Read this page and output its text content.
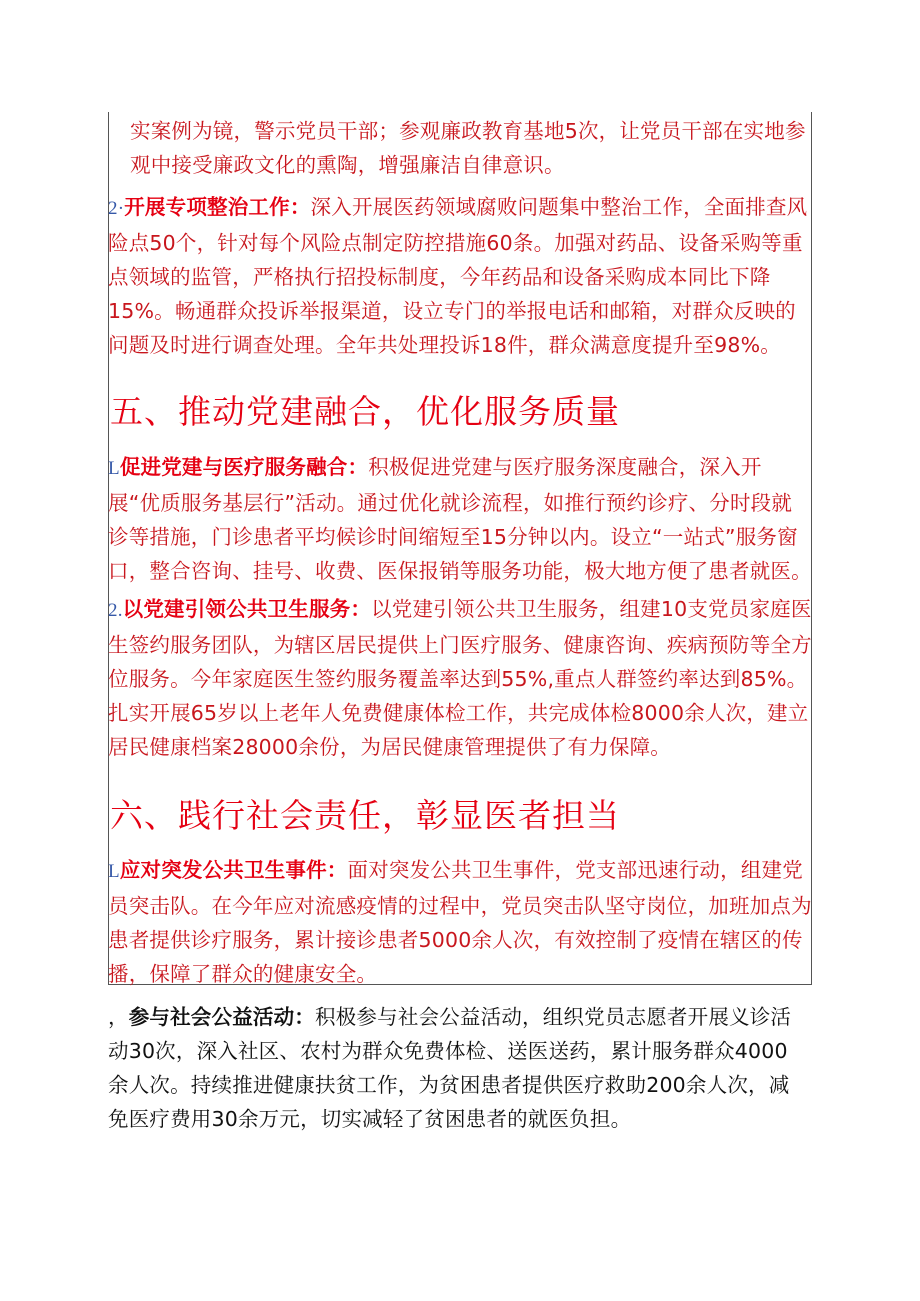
实案例为镜，警示党员干部；参观廉政教育基地5次，让党员干部在实地参观中接受廉政文化的熏陶，增强廉洁自律意识。
2·开展专项整治工作：深入开展医药领域腐败问题集中整治工作，全面排查风险点50个，针对每个风险点制定防控措施60条。加强对药品、设备采购等重点领域的监管，严格执行招投标制度，今年药品和设备采购成本同比下降15%。畅通群众投诉举报渠道，设立专门的举报电话和邮箱，对群众反映的问题及时进行调查处理。全年共处理投诉18件，群众满意度提升至98%。
五、推动党建融合，优化服务质量
L促进党建与医疗服务融合：积极促进党建与医疗服务深度融合，深入开展“优质服务基层行”活动。通过优化就诊流程，如推行预约诊疗、分时段就诊等措施，门诊患者平均候诊时间缩短至15分钟以内。设立“一站式”服务窗口，整合咨询、挂号、收费、医保报销等服务功能，极大地方便了患者就医。
2.以党建引领公共卫生服务：以党建引领公共卫生服务，组建10支党员家庭医生签约服务团队，为辖区居民提供上门医疗服务、健康咨询、疾病预防等全方位服务。今年家庭医生签约服务覆盖率达到55%,重点人群签约率达到85%。扎实开展65岁以上老年人免费健康体检工作，共完成体检8000余人次，建立居民健康档案28000余份，为居民健康管理提供了有力保障。
六、践行社会责任，彰显医者担当
L应对突发公共卫生事件：面对突发公共卫生事件，党支部迅速行动，组建党员突击队。在今年应对流感疫情的过程中，党员突击队坚守岗位，加班加点为患者提供诊疗服务，累计接诊患者5000余人次，有效控制了疫情在辖区的传播，保障了群众的健康安全。
，参与社会公益活动：积极参与社会公益活动，组织党员志愿者开展义诊活动30次，深入社区、农村为群众免费体检、送医送药，累计服务群众4000余人次。持续推进健康扶贫工作，为贫困患者提供医疗救助200余人次，减免医疗费用30余万元，切实减轻了贫困患者的就医负担。
